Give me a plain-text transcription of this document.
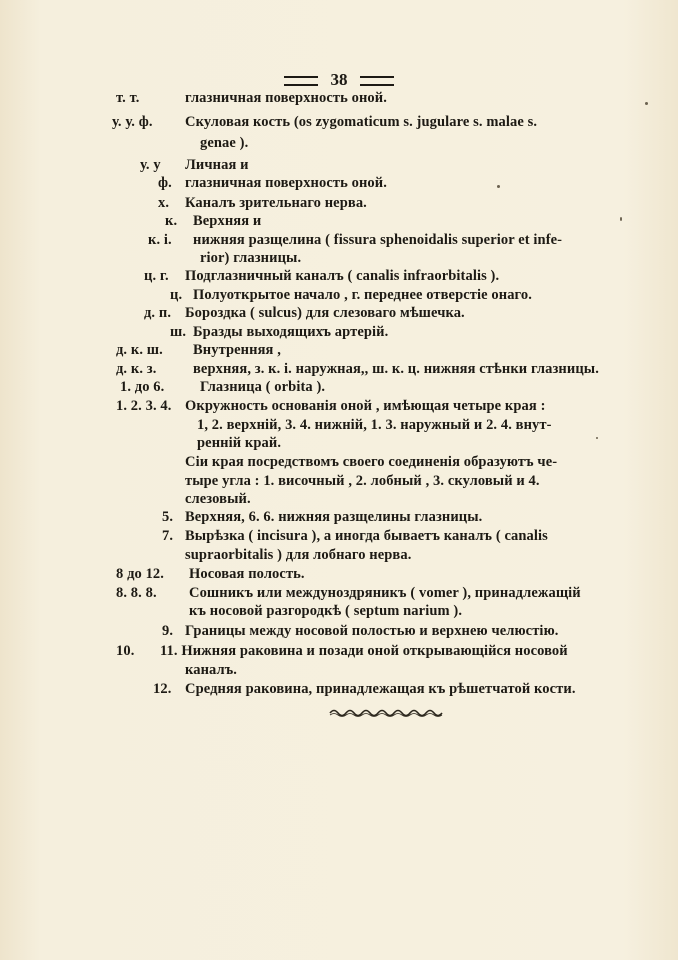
38
т. т.	глазничная поверхность оной.
у. у. ф. Скуловая кость (os zygomaticum s. jugulare s. malae s.
genae ).
у. у Личная и
ф. глазничная поверхность оной.
х. Каналъ зрительнаго нерва.
к. Верхняя и
к. і. нижняя разщелина ( fissura sphenoidalis superior et infe-
rior) глазницы.
ц. г. Подглазничный каналъ ( canalis infraorbitalis ).
ц. Полуоткрытое начало , г. переднее отверстіе онаго.
д. п. Бороздка ( sulcus) для слезоваго мѣшечка.
ш. Бразды выходящихъ артерій.
д. к. ш. Внутренняя ,
д. к. з.	верхняя, з. к. і. наружная,, ш. к. ц. нижняя стѣнки глазницы.
1. до 6. Глазница ( orbita ).
1. 2. 3. 4. Окружность основанія оной , имѣющая четыре края :
1, 2. верхній, 3. 4. нижній, 1. 3. наружный и 2. 4. внут-
ренній край.
Сіи края посредствомъ своего соединенія образуютъ че-
тыре угла : 1. височный , 2. лобный , 3. скуловый и 4.
слезовый.
5. Верхняя, 6. 6. нижняя разщелины глазницы.
7. Вырѣзка ( incisura ), а иногда бываетъ каналъ ( canalis
supraorbitalis ) для лобнаго нерва.
8 до 12. Носовая полость.
8. 8. 8. Сошникъ или междуноздряникъ ( vomer ), принадлежащій
къ носовой разгородкѣ ( septum narium ).
9. Границы между носовой полостью и верхнею челюстію.
10. 11. Нижняя раковина и позади оной открывающійся носовой
каналъ.
12. Средняя раковина, принадлежащая къ рѣшетчатой кости.
